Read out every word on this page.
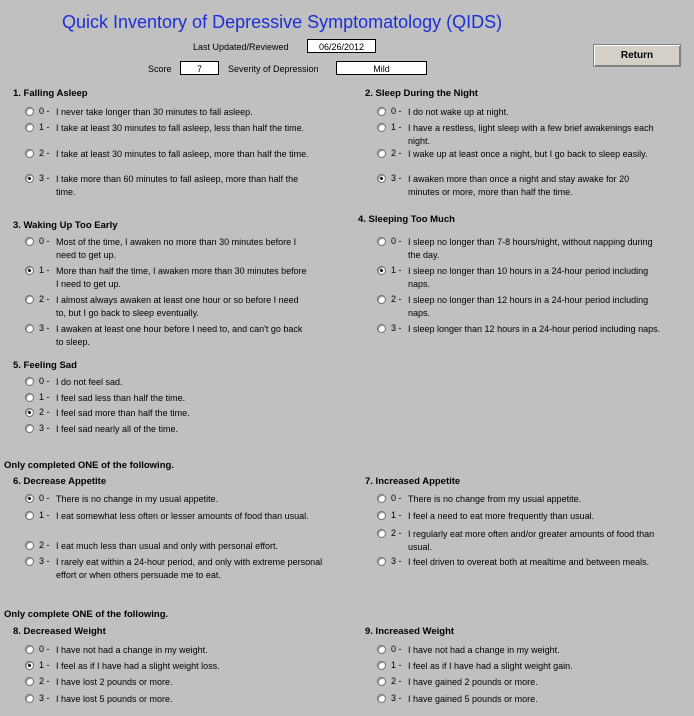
Quick Inventory of Depressive Symptomatology (QIDS)
Last Updated/Reviewed	06/26/2012
Score	7	Severity of Depression	Mild
Return
1. Falling Asleep
0 - I never take longer than 30 minutes to fall asleep.
1 - I take at least 30 minutes to fall asleep, less than half the time.
2 - I take at least 30 minutes to fall asleep, more than half the time.
3 - I take more than 60 minutes to fall asleep, more than half the time.
2. Sleep During the Night
0 - I do not wake up at night.
1 - I have a restless, light sleep with a few brief awakenings each night.
2 - I wake up at least once a night, but I go back to sleep easily.
3 - I awaken more than once a night and stay awake for 20 minutes or more, more than half the time.
3. Waking Up Too Early
0 - Most of the time, I awaken no more than 30 minutes before I need to get up.
1 - More than half the time, I awaken more than 30 minutes before I need to get up.
2 - I almost always awaken at least one hour or so before I need to, but I go back to sleep eventually.
3 - I awaken at least one hour before I need to, and can't go back to sleep.
4. Sleeping Too Much
0 - I sleep no longer than 7-8 hours/night, without napping during the day.
1 - I sleep no longer than 10 hours in a 24-hour period including naps.
2 - I sleep no longer than 12 hours in a 24-hour period including naps.
3 - I sleep longer than 12 hours in a 24-hour period including naps.
5. Feeling Sad
0 - I do not feel sad.
1 - I feel sad less than half the time.
2 - I feel sad more than half the time.
3 - I feel sad nearly all of the time.
Only completed ONE of the following.
6. Decrease Appetite
0 - There is no change in my usual appetite.
1 - I eat somewhat less often or lesser amounts of food than usual.
2 - I eat much less than usual and only with personal effort.
3 - I rarely eat within a 24-hour period, and only with extreme personal effort or when others persuade me to eat.
7. Increased Appetite
0 - There is no change from my usual appetite.
1 - I feel a need to eat more frequently than usual.
2 - I regularly eat more often and/or greater amounts of food than usual.
3 - I feel driven to overeat both at mealtime and between meals.
Only complete ONE of the following.
8. Decreased Weight
0 - I have not had a change in my weight.
1 - I feel as if I have had a slight weight loss.
2 - I have lost 2 pounds or more.
3 - I have lost 5 pounds or more.
9. Increased Weight
0 - I have not had a change in my weight.
1 - I feel as if I have had a slight weight gain.
2 - I have gained 2 pounds or more.
3 - I have gained 5 pounds or more.
